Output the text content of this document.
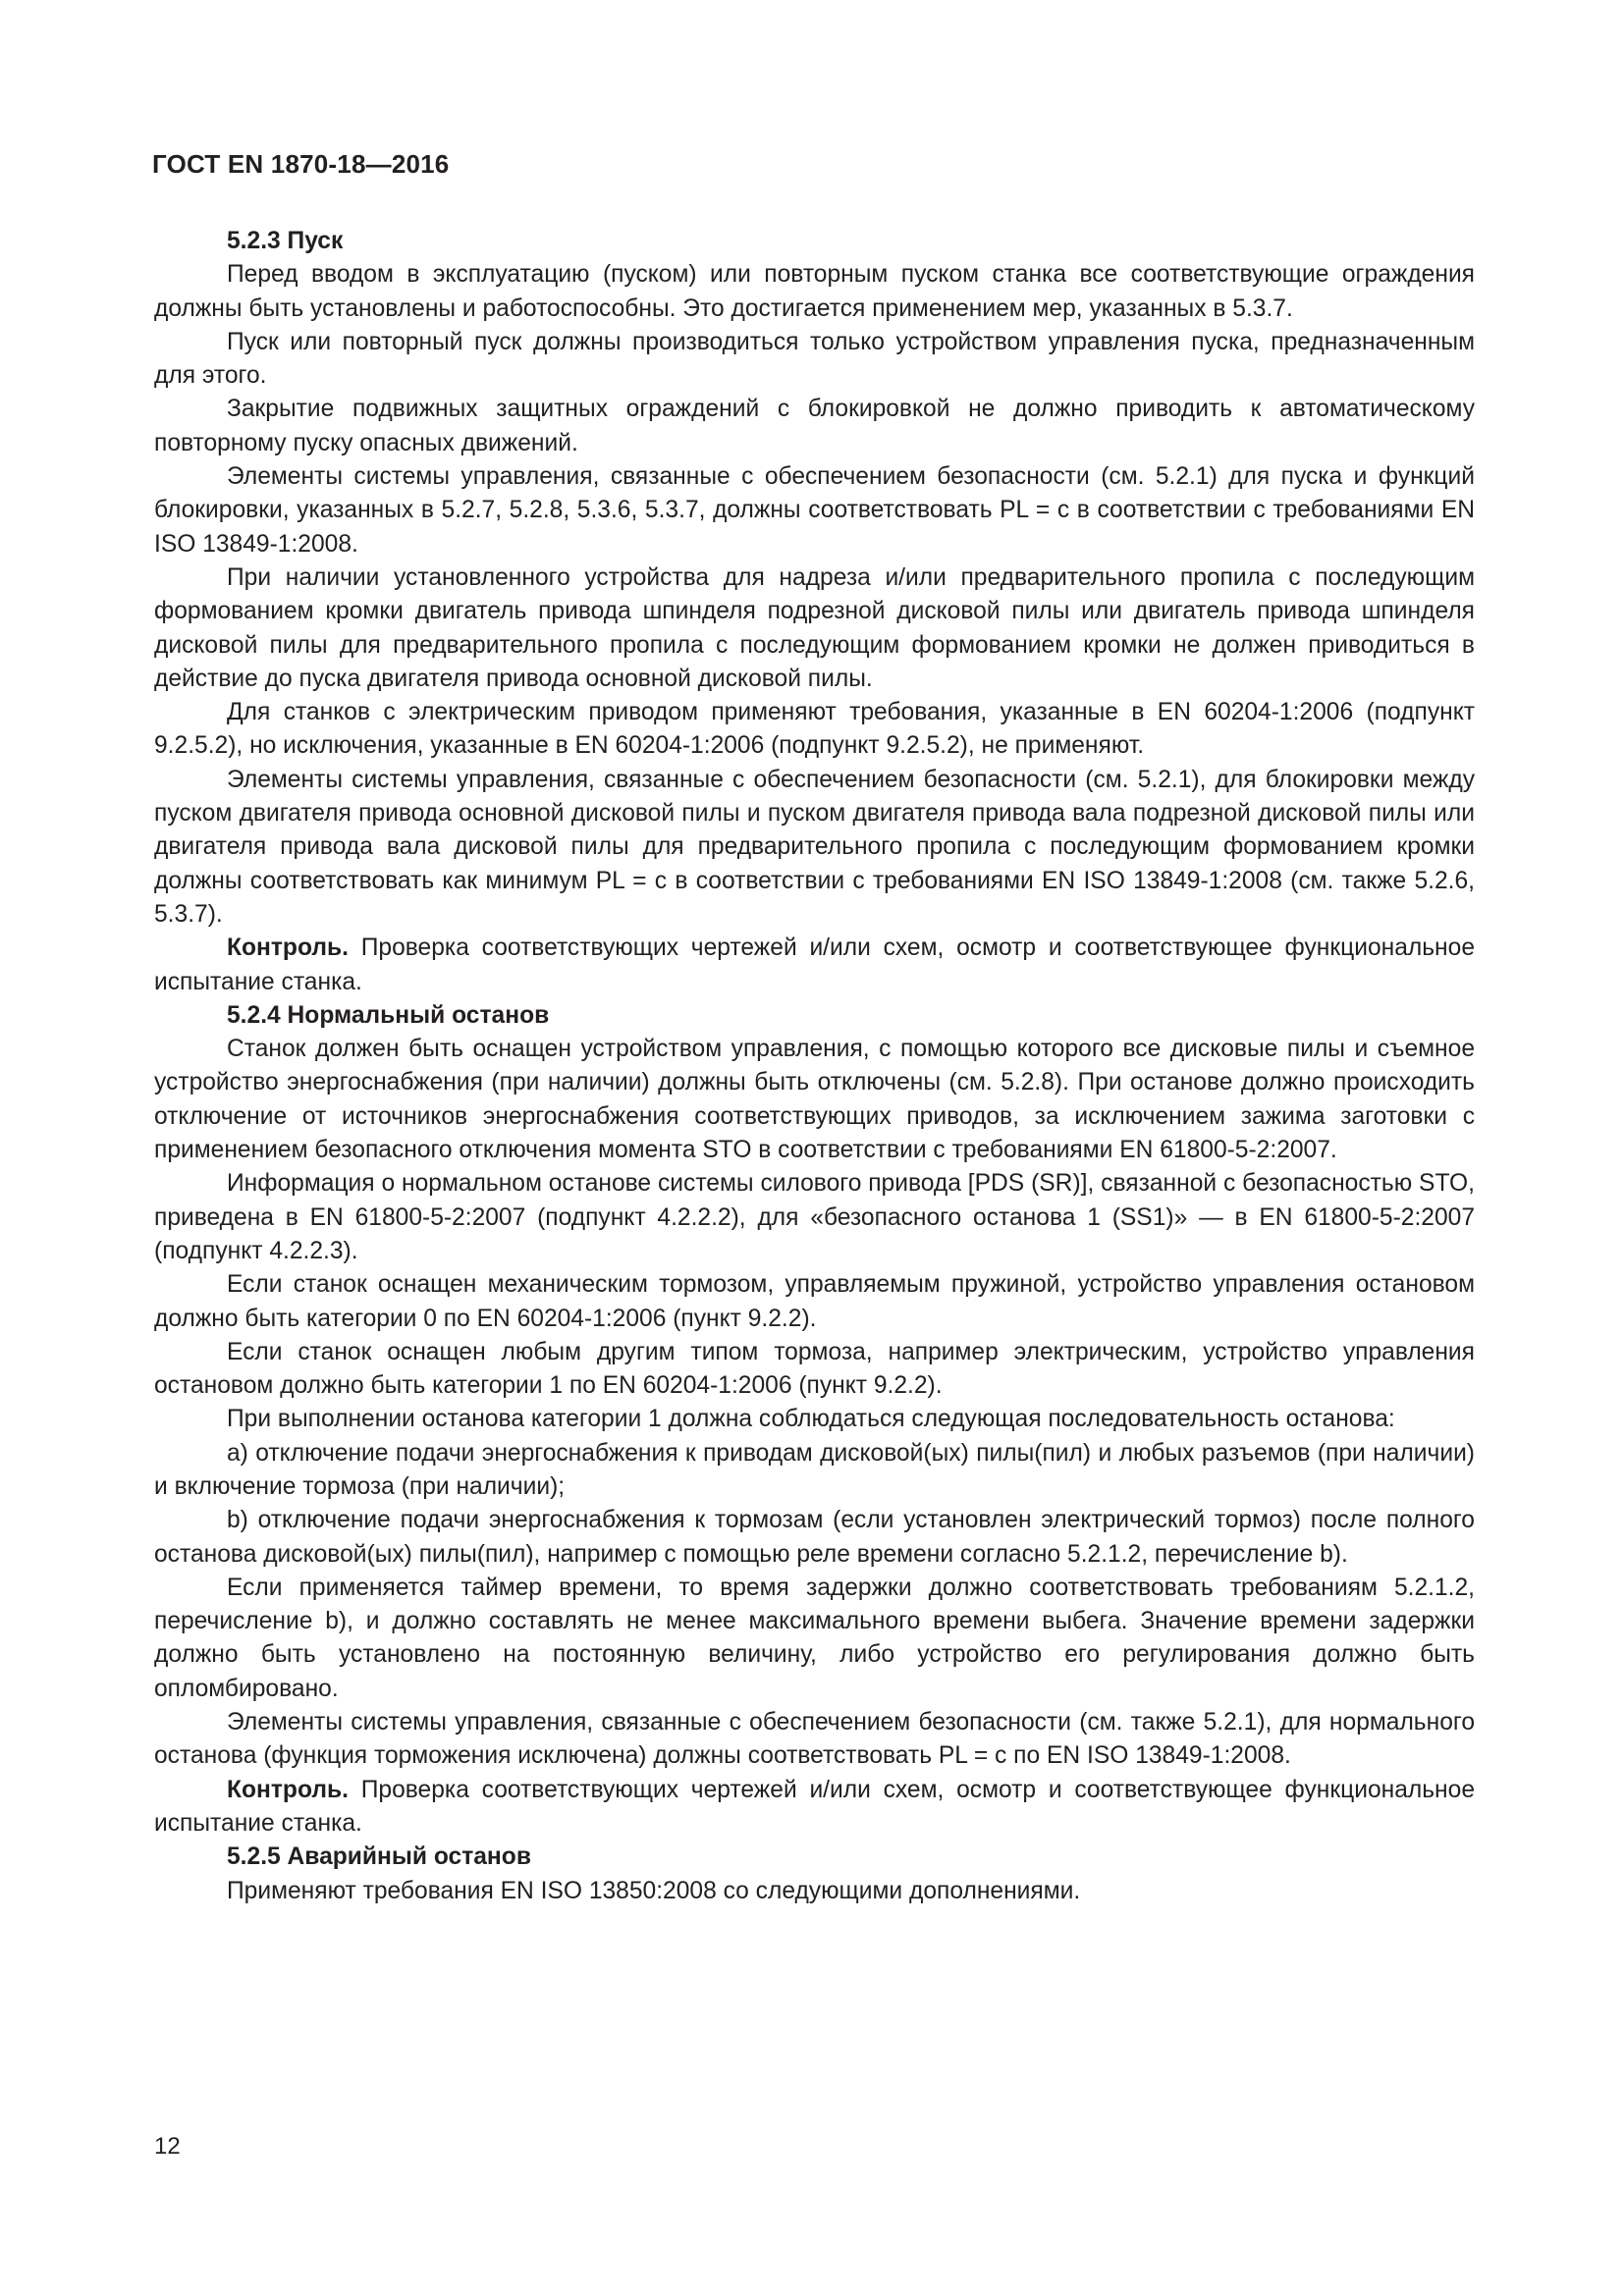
ГОСТ EN 1870-18—2016

5.2.3 Пуск

Перед вводом в эксплуатацию (пуском) или повторным пуском станка все соответствующие ограждения должны быть установлены и работоспособны. Это достигается применением мер, указанных в 5.3.7.

Пуск или повторный пуск должны производиться только устройством управления пуска, предназначенным для этого.

Закрытие подвижных защитных ограждений с блокировкой не должно приводить к автоматическому повторному пуску опасных движений.

Элементы системы управления, связанные с обеспечением безопасности (см. 5.2.1) для пуска и функций блокировки, указанных в 5.2.7, 5.2.8, 5.3.6, 5.3.7, должны соответствовать PL = c в соответствии с требованиями EN ISO 13849-1:2008.

При наличии установленного устройства для надреза и/или предварительного пропила с последующим формованием кромки двигатель привода шпинделя подрезной дисковой пилы или двигатель привода шпинделя дисковой пилы для предварительного пропила с последующим формованием кромки не должен приводиться в действие до пуска двигателя привода основной дисковой пилы.

Для станков с электрическим приводом применяют требования, указанные в EN 60204-1:2006 (подпункт 9.2.5.2), но исключения, указанные в EN 60204-1:2006 (подпункт 9.2.5.2), не применяют.

Элементы системы управления, связанные с обеспечением безопасности (см. 5.2.1), для блокировки между пуском двигателя привода основной дисковой пилы и пуском двигателя привода вала подрезной дисковой пилы или двигателя привода вала дисковой пилы для предварительного пропила с последующим формованием кромки должны соответствовать как минимум PL = c в соответствии с требованиями EN ISO 13849-1:2008 (см. также 5.2.6, 5.3.7).

Контроль. Проверка соответствующих чертежей и/или схем, осмотр и соответствующее функциональное испытание станка.

5.2.4 Нормальный останов

Станок должен быть оснащен устройством управления, с помощью которого все дисковые пилы и съемное устройство энергоснабжения (при наличии) должны быть отключены (см. 5.2.8). При останове должно происходить отключение от источников энергоснабжения соответствующих приводов, за исключением зажима заготовки с применением безопасного отключения момента STO в соответствии с требованиями EN 61800-5-2:2007.

Информация о нормальном останове системы силового привода [PDS (SR)], связанной с безопасностью STO, приведена в EN 61800-5-2:2007 (подпункт 4.2.2.2), для «безопасного останова 1 (SS1)» — в EN 61800-5-2:2007 (подпункт 4.2.2.3).

Если станок оснащен механическим тормозом, управляемым пружиной, устройство управления остановом должно быть категории 0 по EN 60204-1:2006 (пункт 9.2.2).

Если станок оснащен любым другим типом тормоза, например электрическим, устройство управления остановом должно быть категории 1 по EN 60204-1:2006 (пункт 9.2.2).

При выполнении останова категории 1 должна соблюдаться следующая последовательность останова:

a) отключение подачи энергоснабжения к приводам дисковой(ых) пилы(пил) и любых разъемов (при наличии) и включение тормоза (при наличии);

b) отключение подачи энергоснабжения к тормозам (если установлен электрический тормоз) после полного останова дисковой(ых) пилы(пил), например с помощью реле времени согласно 5.2.1.2, перечисление b).

Если применяется таймер времени, то время задержки должно соответствовать требованиям 5.2.1.2, перечисление b), и должно составлять не менее максимального времени выбега. Значение времени задержки должно быть установлено на постоянную величину, либо устройство его регулирования должно быть опломбировано.

Элементы системы управления, связанные с обеспечением безопасности (см. также 5.2.1), для нормального останова (функция торможения исключена) должны соответствовать PL = c по EN ISO 13849-1:2008.

Контроль. Проверка соответствующих чертежей и/или схем, осмотр и соответствующее функциональное испытание станка.

5.2.5 Аварийный останов

Применяют требования EN ISO 13850:2008 со следующими дополнениями.

12
